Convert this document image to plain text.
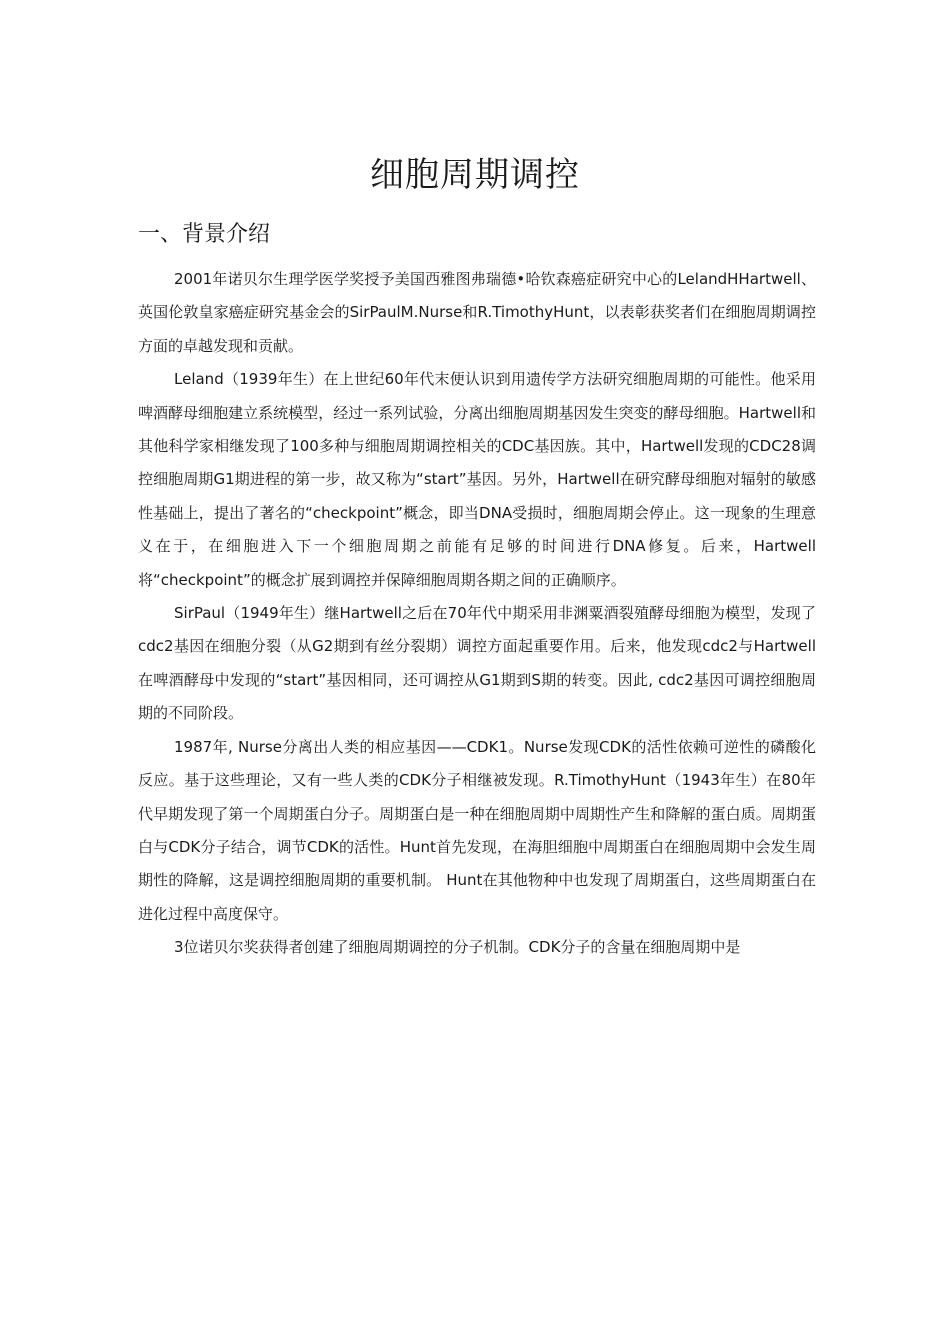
细胞周期调控
一、背景介绍

2001年诺贝尔生理学医学奖授予美国西雅图弗瑞德•哈钦森癌症研究中心的LelandHHartwell、英国伦敦皇家癌症研究基金会的SirPaulM.Nurse和R.TimothyHunt，以表彰获奖者们在细胞周期调控方面的卓越发现和贡献。

Leland（1939年生）在上世纪60年代末便认识到用遗传学方法研究细胞周期的可能性。他采用啤酒酵母细胞建立系统模型，经过一系列试验，分离出细胞周期基因发生突变的酵母细胞。Hartwell和其他科学家相继发现了100多种与细胞周期调控相关的CDC基因族。其中，Hartwell发现的CDC28调控细胞周期G1期进程的第一步，故又称为“start”基因。另外，Hartwell在研究酵母细胞对辐射的敏感性基础上，提出了著名的“checkpoint”概念，即当DNA受损时，细胞周期会停止。这一现象的生理意义在于，在细胞进入下一个细胞周期之前能有足够的时间进行DNA修复。后来，Hartwell将“checkpoint”的概念扩展到调控并保障细胞周期各期之间的正确顺序。

SirPaul（1949年生）继Hartwell之后在70年代中期采用非渊粟酒裂殖酵母细胞为模型，发现了cdc2基因在细胞分裂（从G2期到有丝分裂期）调控方面起重要作用。后来，他发现cdc2与Hartwell在啤酒酵母中发现的“start”基因相同，还可调控从G1期到S期的转变。因此, cdc2基因可调控细胞周期的不同阶段。

1987年, Nurse分离出人类的相应基因——CDK1。Nurse发现CDK的活性依赖可逆性的磷酸化反应。基于这些理论，又有一些人类的CDK分子相继被发现。R.TimothyHunt（1943年生）在80年代早期发现了第一个周期蛋白分子。周期蛋白是一种在细胞周期中周期性产生和降解的蛋白质。周期蛋白与CDK分子结合，调节CDK的活性。Hunt首先发现，在海胆细胞中周期蛋白在细胞周期中会发生周期性的降解，这是调控细胞周期的重要机制。 Hunt在其他物种中也发现了周期蛋白，这些周期蛋白在进化过程中高度保守。

3位诺贝尔奖获得者创建了细胞周期调控的分子机制。CDK分子的含量在细胞周期中是
